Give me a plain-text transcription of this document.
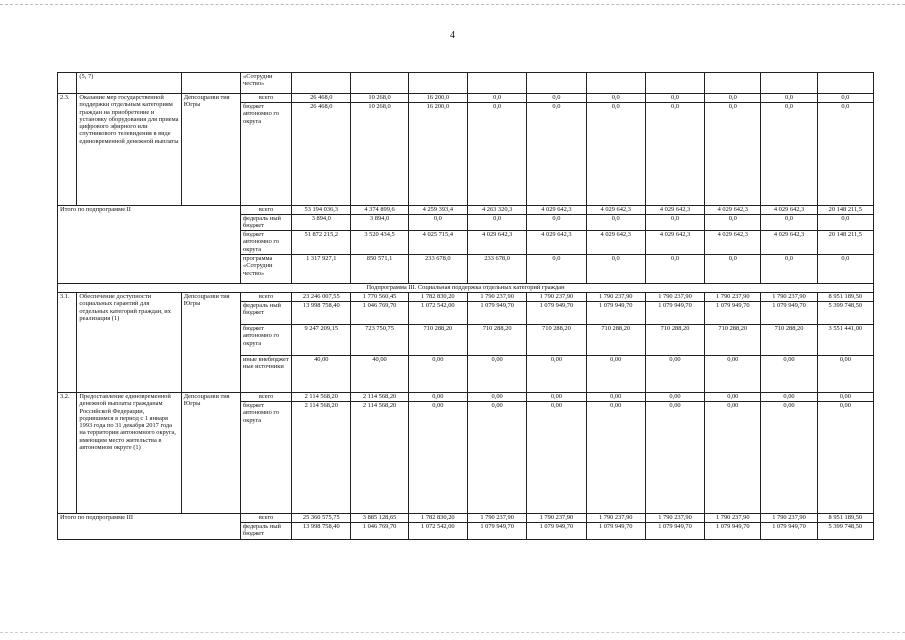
4
	(5, 7)		«Сотрудни чество»										
2.3.	Оказание мер государственной поддержки отдельным категориям граждан на приобретение и установку оборудования для приема цифрового эфирного или спутникового телевидения в виде единовременной денежной выплаты	Депсоцразви тия Югры	всего	26 468,0	10 268,0	16 200,0	0,0	0,0	0,0	0,0	0,0	0,0	0,0
			бюджет автономно го округа	26 468,0	10 268,0	16 200,0	0,0	0,0	0,0	0,0	0,0	0,0	0,0
Итого по подпрограмме II			всего	53 194 036,3	4 374 899,6	4 259 393,4	4 263 320,3	4 029 642,3	4 029 642,3	4 029 642,3	4 029 642,3	4 029 642,3	20 148 211,5
			федераль ный бюджет	3 894,0	3 894,0	0,0	0,0	0,0	0,0	0,0	0,0	0,0	0,0
			бюджет автономно го округа	51 872 215,2	3 520 434,5	4 025 715,4	4 029 642,3	4 029 642,3	4 029 642,3	4 029 642,3	4 029 642,3	4 029 642,3	20 148 211,5
			программа «Сотрудни чество»	1 317 927,1	850 571,1	233 678,0	233 678,0	0,0	0,0	0,0	0,0	0,0	0,0
Подпрограмма III. Социальная поддержка отдельных категорий граждан													
3.1.	Обеспечение доступности социальных гарантий для отдельных категорий граждан, их реализация (1)	Депсоцразви тия Югры	всего	23 246 007,55	1 770 560,45	1 782 830,20	1 790 237,90	1 790 237,90	1 790 237,90	1 790 237,90	1 790 237,90	1 790 237,90	8 951 189,50
			федераль ный бюджет	13 998 758,40	1 046 769,70	1 072 542,00	1 079 949,70	1 079 949,70	1 079 949,70	1 079 949,70	1 079 949,70	1 079 949,70	5 399 748,50
			бюджет автономно го округа	9 247 209,15	723 750,75	710 288,20	710 288,20	710 288,20	710 288,20	710 288,20	710 288,20	710 288,20	3 551 441,00
			иные внебюджет ные источники	40,00	40,00	0,00	0,00	0,00	0,00	0,00	0,00	0,00	0,00
3.2.	Предоставление единовременной денежной выплаты гражданам Российской Федерации, родившимся в период с 1 января 1993 года по 31 декабря 2017 года на территории автономного округа, имеющим место жительства в автономном округе (1)	Депсоцразви тия Югры	всего	2 114 568,20	2 114 568,20	0,00	0,00	0,00	0,00	0,00	0,00	0,00	0,00
			бюджет автономно го округа	2 114 568,20	2 114 568,20	0,00	0,00	0,00	0,00	0,00	0,00	0,00	0,00
Итого по подпрограмме III			всего	25 360 575,75	3 885 128,65	1 782 830,20	1 790 237,90	1 790 237,90	1 790 237,90	1 790 237,90	1 790 237,90	1 790 237,90	8 951 189,50
			федераль ный бюджет	13 998 758,40	1 046 769,70	1 072 542,00	1 079 949,70	1 079 949,70	1 079 949,70	1 079 949,70	1 079 949,70	1 079 949,70	5 399 748,50
